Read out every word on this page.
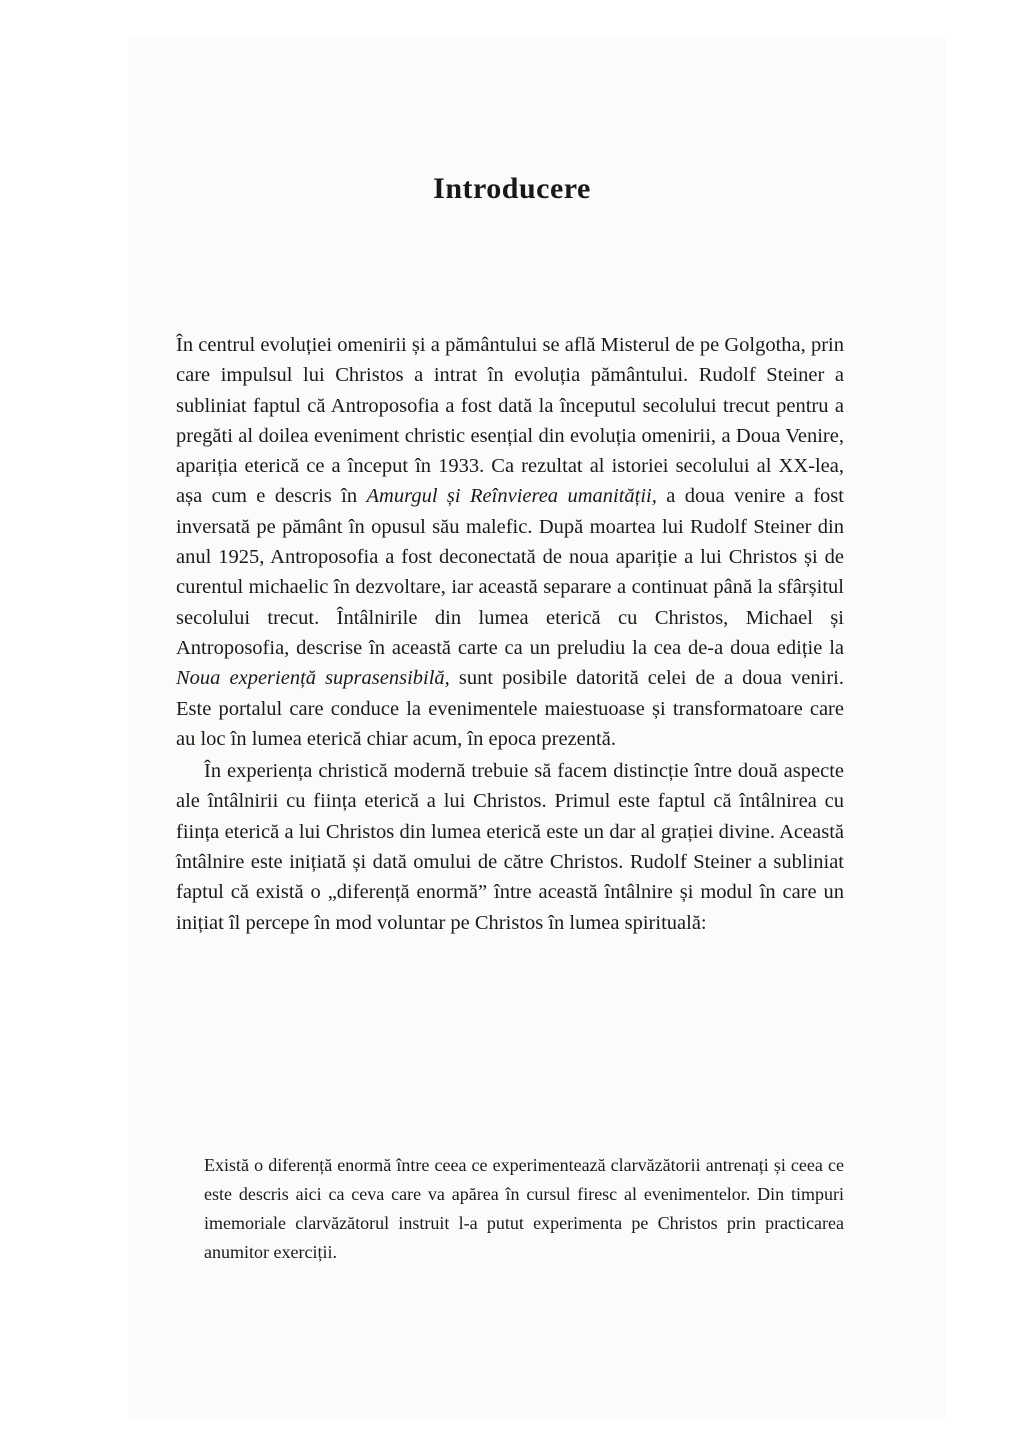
Introducere

În centrul evoluției omenirii și a pământului se află Misterul de pe Golgotha, prin care impulsul lui Christos a intrat în evoluția pământului. Rudolf Steiner a subliniat faptul că Antroposofia a fost dată la începutul secolului trecut pentru a pregăti al doilea eveniment christic esențial din evoluția omenirii, a Doua Venire, apariția eterică ce a început în 1933. Ca rezultat al istoriei secolului al XX-lea, așa cum e descris în Amurgul și Reînvierea umanității, a doua venire a fost inversată pe pământ în opusul său malefic. După moartea lui Rudolf Steiner din anul 1925, Antroposofia a fost deconectată de noua apariție a lui Christos și de curentul michaelic în dezvoltare, iar această separare a continuat până la sfârșitul secolului trecut. Întâlnirile din lumea eterică cu Christos, Michael și Antroposofia, descrise în această carte ca un preludiu la cea de-a doua ediție la Noua experiență suprasensibilă, sunt posibile datorită celei de a doua veniri. Este portalul care conduce la evenimentele maiestuoase și transformatoare care au loc în lumea eterică chiar acum, în epoca prezentă.

În experiența christică modernă trebuie să facem distincție între două aspecte ale întâlnirii cu ființa eterică a lui Christos. Primul este faptul că întâlnirea cu ființa eterică a lui Christos din lumea eterică este un dar al grației divine. Această întâlnire este inițiată și dată omului de către Christos. Rudolf Steiner a subliniat faptul că există o „diferență enormă” între această întâlnire și modul în care un inițiat îl percepe în mod voluntar pe Christos în lumea spirituală:

Există o diferență enormă între ceea ce experimentează clarvăzătorii antrenați și ceea ce este descris aici ca ceva care va apărea în cursul firesc al evenimentelor. Din timpuri imemoriale clarvăzătorul instruit l-a putut experimenta pe Christos prin practicarea anumitor exerciții.
